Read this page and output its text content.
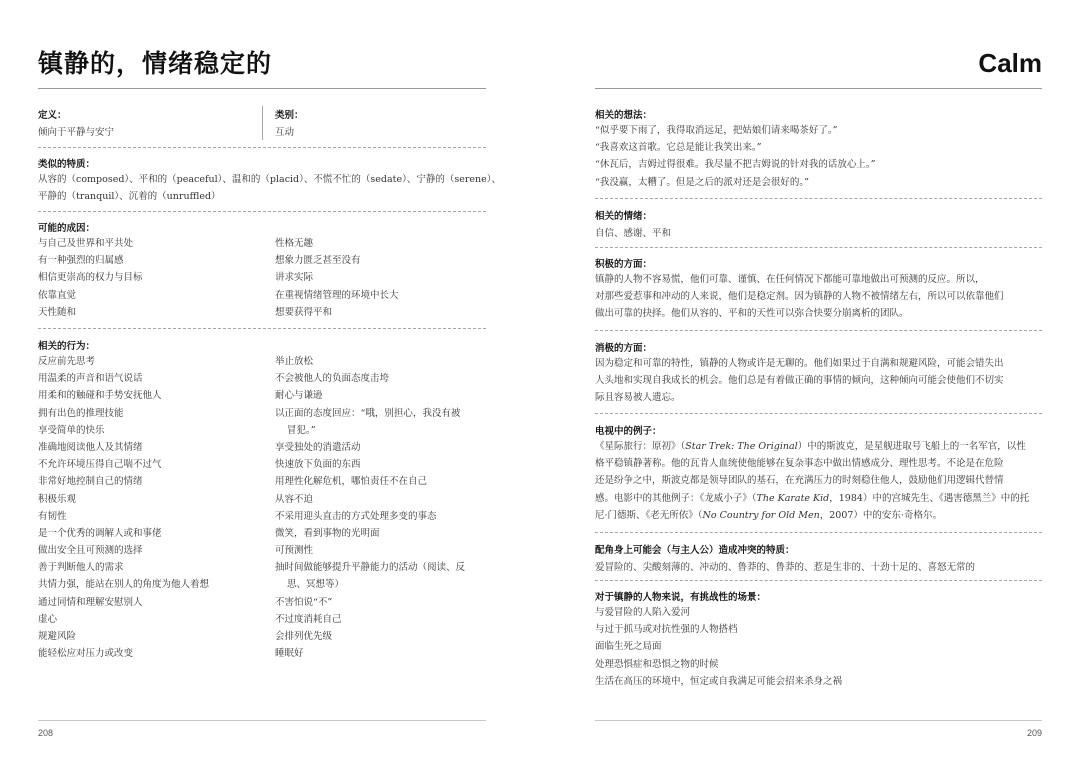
镇静的，情绪稳定的
定义：
倾向于平静与安宁
类别：
互动
类似的特质：
从容的（composed）、平和的（peaceful）、温和的（placid）、不慌不忙的（sedate）、宁静的（serene）、
平静的（tranquil）、沉着的（unruffled）
可能的成因：
与自己及世界和平共处
有一种强烈的归属感
相信更崇高的权力与目标
依靠直觉
天性随和
性格无趣
想象力匮乏甚至没有
讲求实际
在重视情绪管理的环境中长大
想要获得平和
相关的行为：
反应前先思考
用温柔的声音和语气说话
用柔和的触碰和手势安抚他人
拥有出色的推理技能
享受简单的快乐
准确地阅读他人及其情绪
不允许环境压得自己喘不过气
非常好地控制自己的情绪
积极乐观
有韧性
是一个优秀的调解人或和事佬
做出安全且可预测的选择
善于判断他人的需求
共情力强，能站在别人的角度为他人着想
通过同情和理解安慰别人
虚心
规避风险
能轻松应对压力或改变
举止放松
不会被他人的负面态度击垮
耐心与谦逊
以正面的态度回应：“哦，别担心，我没有被
冒犯。”
享受独处的消遣活动
快速放下负面的东西
用理性化解危机，哪怕责任不在自己
从容不迫
不采用迎头直击的方式处理多变的事态
微笑，看到事物的光明面
可预测性
抽时间做能够提升平静能力的活动（阅读、反
思、冥想等）
不害怕说“不”
不过度消耗自己
会排列优先级
睡眠好
208
Calm
相关的想法：
“似乎要下雨了，我得取消远足，把姑娘们请来喝茶好了。”
“我喜欢这首歌。它总是能让我笑出来。”
“休瓦后，吉姆过得很难。我尽量不把吉姆说的针对我的话放心上。”
“我没赢，太糟了。但是之后的派对还是会很好的。”
相关的情绪：
自信、感谢、平和
积极的方面：
镇静的人物不容易慌，他们可靠、谨慎、在任何情况下都能可靠地做出可预测的反应。所以，
对那些爱惹事和冲动的人来说，他们是稳定剂。因为镇静的人物不被情绪左右，所以可以依靠他们
做出可靠的抉择。他们从容的、平和的天性可以弥合快要分崩离析的团队。
消极的方面：
因为稳定和可靠的特性，镇静的人物或许是无聊的。他们如果过于自满和规避风险，可能会错失出
人头地和实现自我成长的机会。他们总是有着做正确的事情的倾向，这种倾向可能会使他们不切实
际且容易被人遗忘。
电视中的例子：
《星际旅行：原初》（Star Trek: The Original）中的斯波克，是星舰进取号飞船上的一名军官，以性
格平稳镇静著称。他的瓦肯人血统使他能够在复杂事态中做出情感成分、理性思考。不论是在危险
还是纷争之中，斯波克都是领导团队的基石，在充满压力的时刻稳住他人，鼓励他们用逻辑代替情
感。电影中的其他例子：《龙威小子》（The Karate Kid，1984）中的宫城先生、《遇害德黑兰》中的托
尼·门德斯、《老无所依》（No Country for Old Men，2007）中的安东·奇格尔。
配角身上可能会（与主人公）造成冲突的特质：
爱冒险的、尖酸刻薄的、冲动的、鲁莽的、鲁莽的、惹是生非的、十劲十足的、喜怒无常的
对于镇静的人物来说，有挑战性的场景：
与爱冒险的人陷入爱河
与过于抓马或对抗性强的人物搭档
面临生死之局面
处理恐惧症和恐惧之物的时候
生活在高压的环境中，恒定或自我满足可能会招来杀身之祸
209
